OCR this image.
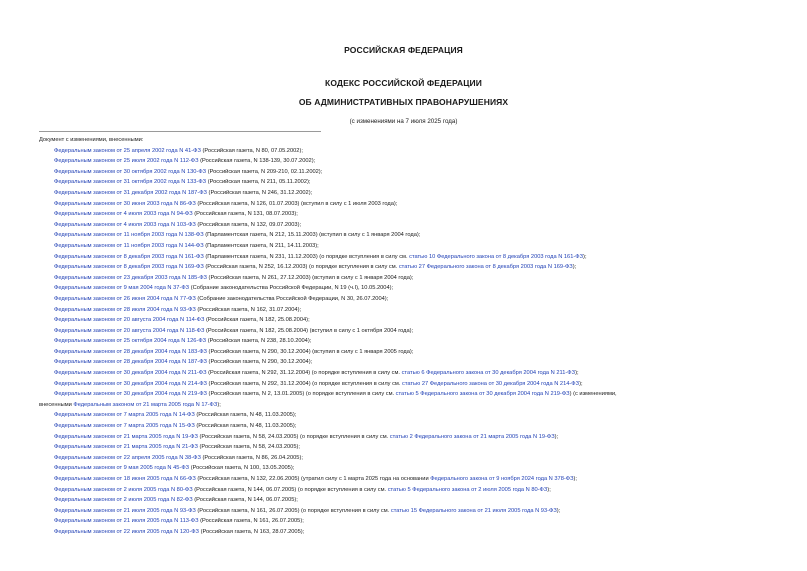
РОССИЙСКАЯ ФЕДЕРАЦИЯ
КОДЕКС РОССИЙСКОЙ ФЕДЕРАЦИИ
ОБ АДМИНИСТРАТИВНЫХ ПРАВОНАРУШЕНИЯХ
(с изменениями на 7 июля 2025 года)
Документ с изменениями, внесенными:
Федеральным законом от 25 апреля 2002 года N 41-ФЗ (Российская газета, N 80, 07.05.2002);
Федеральным законом от 25 июля 2002 года N 112-ФЗ (Российская газета, N 138-139, 30.07.2002);
Федеральным законом от 30 октября 2002 года N 130-ФЗ (Российская газета, N 209-210, 02.11.2002);
Федеральным законом от 31 октября 2002 года N 133-ФЗ (Российская газета, N 211, 05.11.2002);
Федеральным законом от 31 декабря 2002 года N 187-ФЗ (Российская газета, N 246, 31.12.2002);
Федеральным законом от 30 июня 2003 года N 86-ФЗ (Российская газета, N 126, 01.07.2003) (вступил в силу с 1 июля 2003 года);
Федеральным законом от 4 июля 2003 года N 94-ФЗ (Российская газета, N 131, 08.07.2003);
Федеральным законом от 4 июля 2003 года N 103-ФЗ (Российская газета, N 132, 09.07.2003);
Федеральным законом от 11 ноября 2003 года N 138-ФЗ (Парламентская газета, N 212, 15.11.2003) (вступил в силу с 1 января 2004 года);
Федеральным законом от 11 ноября 2003 года N 144-ФЗ (Парламентская газета, N 211, 14.11.2003);
Федеральным законом от 8 декабря 2003 года N 161-ФЗ (Парламентская газета, N 231, 11.12.2003) (о порядке вступления в силу см. статью 10 Федерального закона от 8 декабря 2003 года N 161-ФЗ);
Федеральным законом от 8 декабря 2003 года N 169-ФЗ (Российская газета, N 252, 16.12.2003) (о порядке вступления в силу см. статью 27 Федерального закона от 8 декабря 2003 года N 169-ФЗ);
Федеральным законом от 23 декабря 2003 года N 185-ФЗ (Российская газета, N 261, 27.12.2003) (вступил в силу с 1 января 2004 года);
Федеральным законом от 9 мая 2004 года N 37-ФЗ (Собрание законодательства Российской Федерации, N 19 (ч.I), 10.05.2004);
Федеральным законом от 26 июня 2004 года N 77-ФЗ (Собрание законодательства Российской Федерации, N 30, 26.07.2004);
Федеральным законом от 28 июля 2004 года N 93-ФЗ (Российская газета, N 162, 31.07.2004);
Федеральным законом от 20 августа 2004 года N 114-ФЗ (Российская газета, N 182, 25.08.2004);
Федеральным законом от 20 августа 2004 года N 118-ФЗ (Российская газета, N 182, 25.08.2004) (вступил в силу с 1 октября 2004 года);
Федеральным законом от 25 октября 2004 года N 126-ФЗ (Российская газета, N 238, 28.10.2004);
Федеральным законом от 28 декабря 2004 года N 183-ФЗ (Российская газета, N 290, 30.12.2004) (вступил в силу с 1 января 2005 года);
Федеральным законом от 28 декабря 2004 года N 187-ФЗ (Российская газета, N 290, 30.12.2004);
Федеральным законом от 30 декабря 2004 года N 211-ФЗ (Российская газета, N 292, 31.12.2004) (о порядке вступления в силу см. статью 6 Федерального закона от 30 декабря 2004 года N 211-ФЗ);
Федеральным законом от 30 декабря 2004 года N 214-ФЗ (Российская газета, N 292, 31.12.2004) (о порядке вступления в силу см. статью 27 Федерального закона от 30 декабря 2004 года N 214-ФЗ);
Федеральным законом от 30 декабря 2004 года N 219-ФЗ (Российская газета, N 2, 13.01.2005) (о порядке вступления в силу см. статью 5 Федерального закона от 30 декабря 2004 года N 219-ФЗ) (с изменениями,
внесенными Федеральным законом от 21 марта 2005 года N 17-ФЗ);
Федеральным законом от 7 марта 2005 года N 14-ФЗ (Российская газета, N 48, 11.03.2005);
Федеральным законом от 7 марта 2005 года N 15-ФЗ (Российская газета, N 48, 11.03.2005);
Федеральным законом от 21 марта 2005 года N 19-ФЗ (Российская газета, N 58, 24.03.2005) (о порядке вступления в силу см. статью 2 Федерального закона от 21 марта 2005 года N 19-ФЗ);
Федеральным законом от 21 марта 2005 года N 21-ФЗ (Российская газета, N 58, 24.03.2005);
Федеральным законом от 22 апреля 2005 года N 38-ФЗ (Российская газета, N 86, 26.04.2005);
Федеральным законом от 9 мая 2005 года N 45-ФЗ (Российская газета, N 100, 13.05.2005);
Федеральным законом от 18 июня 2005 года N 66-ФЗ (Российская газета, N 132, 22.06.2005) (утратил силу с 1 марта 2025 года на основании Федерального закона от 9 ноября 2024 года N 378-ФЗ);
Федеральным законом от 2 июля 2005 года N 80-ФЗ (Российская газета, N 144, 06.07.2005) (о порядке вступления в силу см. статью 5 Федерального закона от 2 июля 2005 года N 80-ФЗ);
Федеральным законом от 2 июля 2005 года N 82-ФЗ (Российская газета, N 144, 06.07.2005);
Федеральным законом от 21 июля 2005 года N 93-ФЗ (Российская газета, N 161, 26.07.2005) (о порядке вступления в силу см. статью 15 Федерального закона от 21 июля 2005 года N 93-ФЗ);
Федеральным законом от 21 июля 2005 года N 113-ФЗ (Российская газета, N 161, 26.07.2005);
Федеральным законом от 22 июля 2005 года N 120-ФЗ (Российская газета, N 163, 28.07.2005);
